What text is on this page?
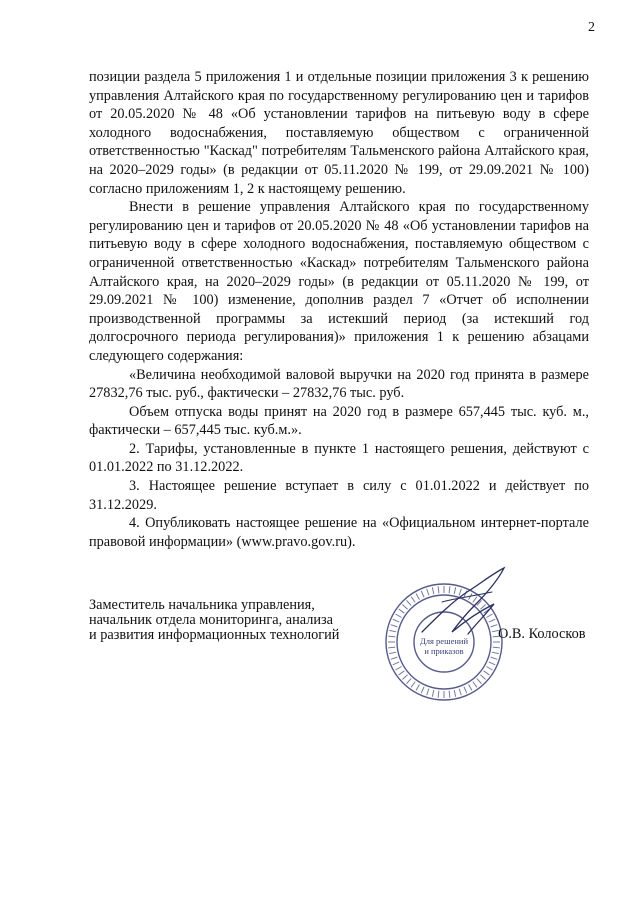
2

позиции раздела 5 приложения 1 и отдельные позиции приложения 3 к решению управления Алтайского края по государственному регулированию цен и тарифов от 20.05.2020 № 48 «Об установлении тарифов на питьевую воду в сфере холодного водоснабжения, поставляемую обществом с ограниченной ответственностью "Каскад" потребителям Тальменского района Алтайского края, на 2020–2029 годы» (в редакции от 05.11.2020 № 199, от 29.09.2021 № 100) согласно приложениям 1, 2 к настоящему решению.

Внести в решение управления Алтайского края по государственному регулированию цен и тарифов от 20.05.2020 № 48 «Об установлении тарифов на питьевую воду в сфере холодного водоснабжения, поставляемую обществом с ограниченной ответственностью «Каскад» потребителям Тальменского района Алтайского края, на 2020–2029 годы» (в редакции от 05.11.2020 № 199, от 29.09.2021 № 100) изменение, дополнив раздел 7 «Отчет об исполнении производственной программы за истекший период (за истекший год долгосрочного периода регулирования)» приложения 1 к решению абзацами следующего содержания:

«Величина необходимой валовой выручки на 2020 год принята в размере 27832,76 тыс. руб., фактически – 27832,76 тыс. руб.

Объем отпуска воды принят на 2020 год в размере 657,445 тыс. куб. м., фактически – 657,445 тыс. куб.м.».

2. Тарифы, установленные в пункте 1 настоящего решения, действуют с 01.01.2022 по 31.12.2022.

3. Настоящее решение вступает в силу с 01.01.2022 и действует по 31.12.2029.

4. Опубликовать настоящее решение на «Официальном интернет-портале правовой информации» (www.pravo.gov.ru).

Заместитель начальника управления,
начальник отдела мониторинга, анализа
и развития информационных технологий	Для решений
и приказов
О.В. Колосков
